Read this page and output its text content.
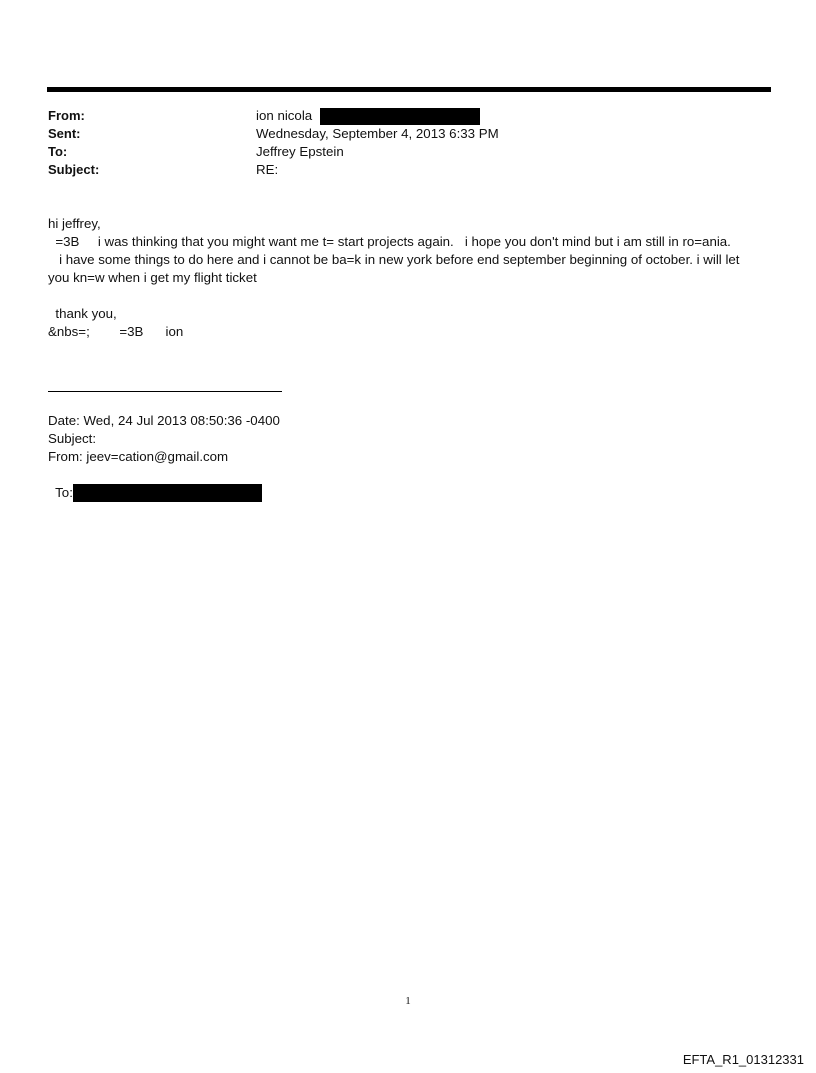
From:	ion nicola
Sent:	Wednesday, September 4, 2013 6:33 PM
To:	Jeffrey Epstein
Subject:	RE:
hi jeffrey,
=3B     i was thinking that you might want me t= start projects again.   i hope you don't mind but i am still in ro=ania.
i have some things to do here and i cannot be ba=k in new york before end september beginning of october. i will let
you kn=w when i get my flight ticket
thank you,
&nbs=;        =3B      ion
Date: Wed, 24 Jul 2013 08:50:36 -0400
Subject:
From: jeev=cation@gmail.com

To:

1
EFTA_R1_01312331
